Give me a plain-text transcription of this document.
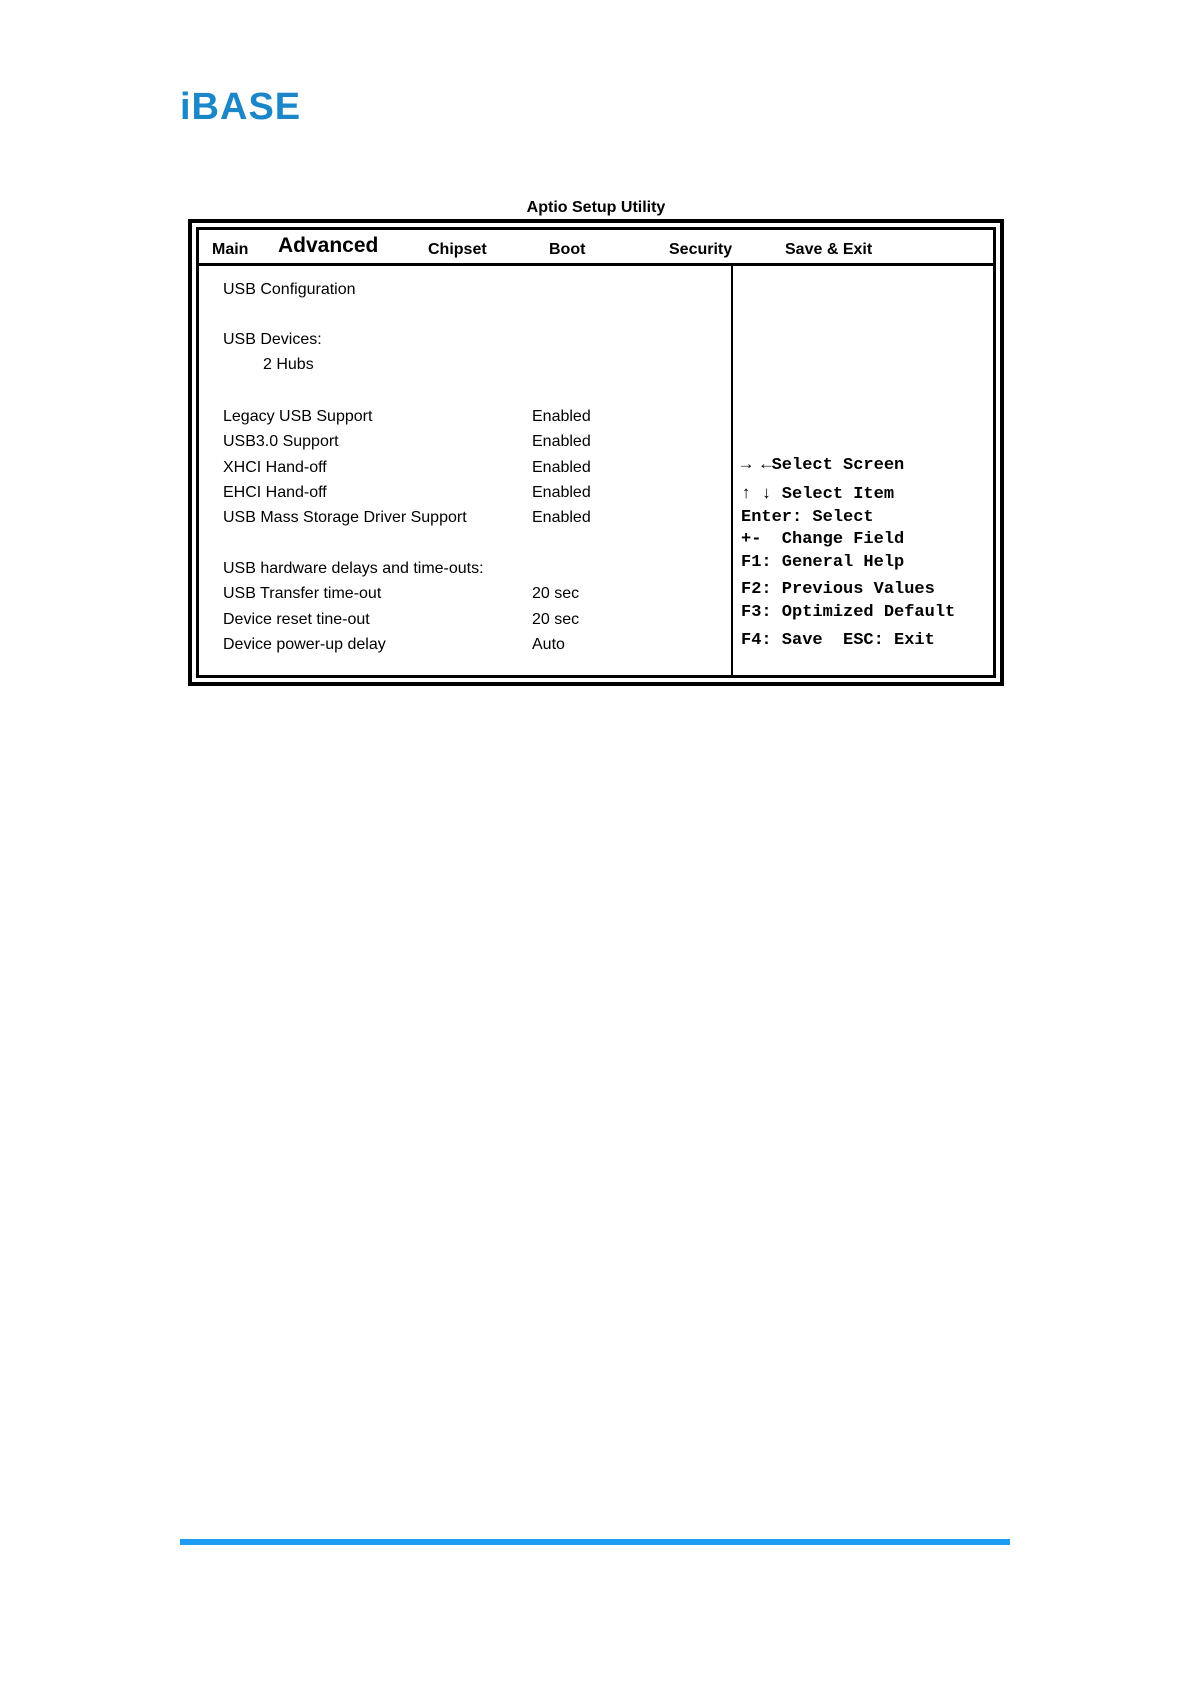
iBASE
Aptio Setup Utility
Main Advanced	Chipset	Boot	Security	Save & Exit
USB Configuration
USB Devices:
2 Hubs
Legacy USB Support	Enabled
USB3.0 Support	Enabled
XHCI Hand-off	Enabled
EHCI Hand-off	Enabled
USB Mass Storage Driver Support	Enabled
USB hardware delays and time-outs:
USB Transfer time-out	20 sec
Device reset tine-out	20 sec
Device power-up delay	Auto
→ ←Select Screen
↑ ↓ Select Item
Enter: Select
+-  Change Field
F1: General Help
F2: Previous Values
F3: Optimized Default
F4: Save  ESC: Exit
